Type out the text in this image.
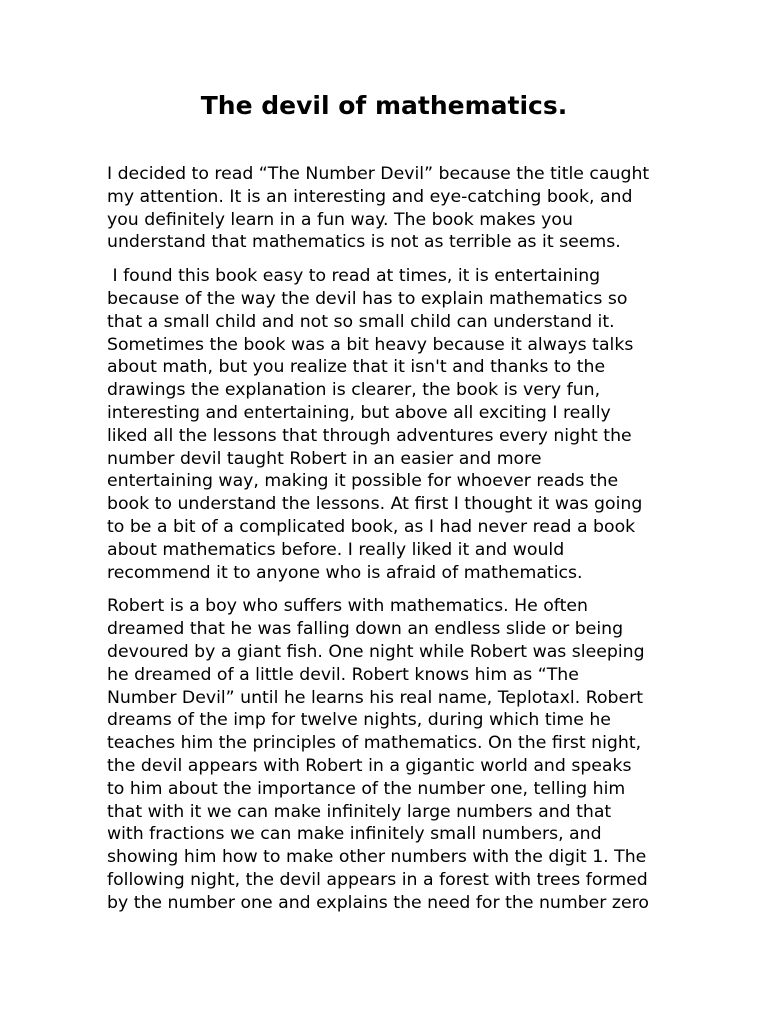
The devil of mathematics.

I decided to read “The Number Devil” because the title caught
my attention. It is an interesting and eye-catching book, and
you definitely learn in a fun way. The book makes you
understand that mathematics is not as terrible as it seems.

I found this book easy to read at times, it is entertaining
because of the way the devil has to explain mathematics so
that a small child and not so small child can understand it.
Sometimes the book was a bit heavy because it always talks
about math, but you realize that it isn't and thanks to the
drawings the explanation is clearer, the book is very fun,
interesting and entertaining, but above all exciting I really
liked all the lessons that through adventures every night the
number devil taught Robert in an easier and more
entertaining way, making it possible for whoever reads the
book to understand the lessons. At first I thought it was going
to be a bit of a complicated book, as I had never read a book
about mathematics before. I really liked it and would
recommend it to anyone who is afraid of mathematics.

Robert is a boy who suffers with mathematics. He often
dreamed that he was falling down an endless slide or being
devoured by a giant fish. One night while Robert was sleeping
he dreamed of a little devil. Robert knows him as “The
Number Devil” until he learns his real name, Teplotaxl. Robert
dreams of the imp for twelve nights, during which time he
teaches him the principles of mathematics. On the first night,
the devil appears with Robert in a gigantic world and speaks
to him about the importance of the number one, telling him
that with it we can make infinitely large numbers and that
with fractions we can make infinitely small numbers, and
showing him how to make other numbers with the digit 1. The
following night, the devil appears in a forest with trees formed
by the number one and explains the need for the number zero
